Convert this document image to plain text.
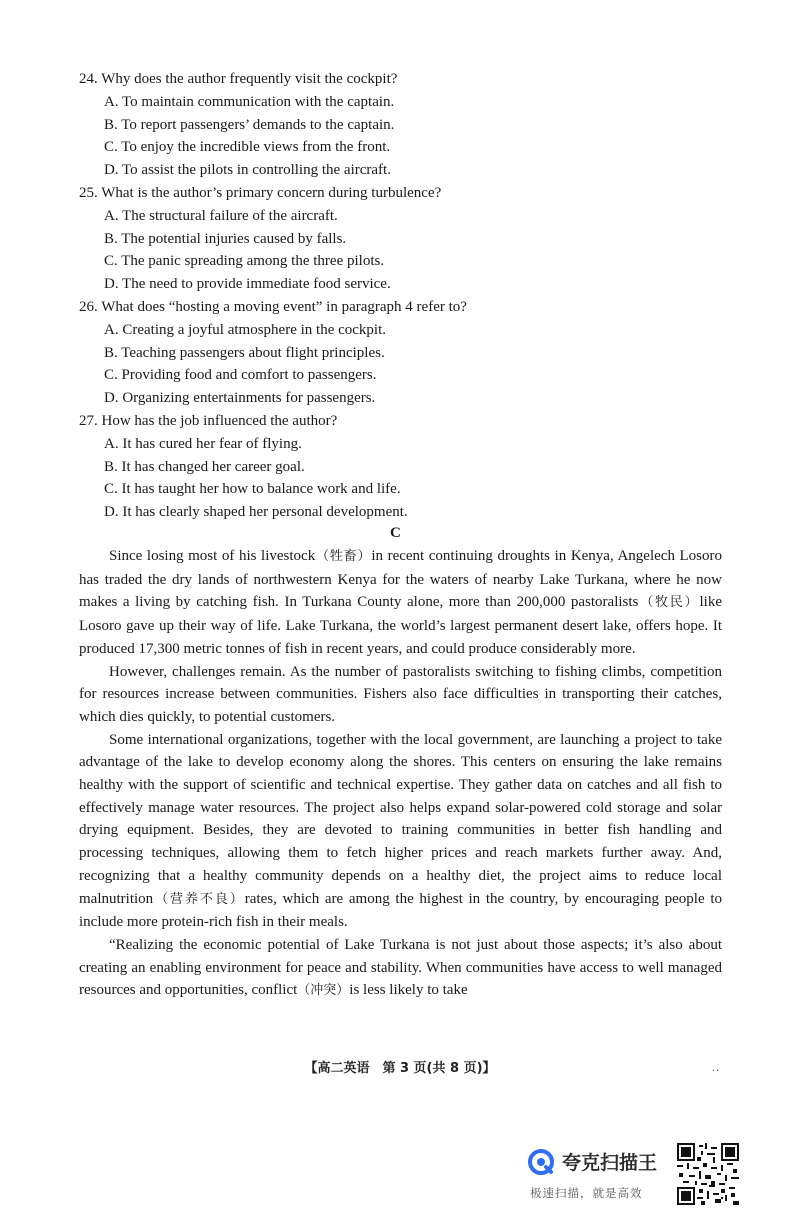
24. Why does the author frequently visit the cockpit?

A. To maintain communication with the captain.

B. To report passengers’ demands to the captain.

C. To enjoy the incredible views from the front.

D. To assist the pilots in controlling the aircraft.

25. What is the author’s primary concern during turbulence?

A. The structural failure of the aircraft.

B. The potential injuries caused by falls.

C. The panic spreading among the three pilots.

D. The need to provide immediate food service.

26. What does “hosting a moving event” in paragraph 4 refer to?

A. Creating a joyful atmosphere in the cockpit.

B. Teaching passengers about flight principles.

C. Providing food and comfort to passengers.

D. Organizing entertainments for passengers.

27. How has the job influenced the author?

A. It has cured her fear of flying.

B. It has changed her career goal.

C. It has taught her how to balance work and life.

D. It has clearly shaped her personal development.

C

Since losing most of his livestock（牲畜）in recent continuing droughts in Kenya, Angelech Losoro has traded the dry lands of northwestern Kenya for the waters of nearby Lake Turkana, where he now makes a living by catching fish. In Turkana County alone, more than 200,000 pastoralists（牧民）like Losoro gave up their way of life. Lake Turkana, the world’s largest permanent desert lake, offers hope. It produced 17,300 metric tonnes of fish in recent years, and could produce considerably more.

However, challenges remain. As the number of pastoralists switching to fishing climbs, competition for resources increase between communities. Fishers also face difficulties in transporting their catches, which dies quickly, to potential customers.

Some international organizations, together with the local government, are launching a project to take advantage of the lake to develop economy along the shores. This centers on ensuring the lake remains healthy with the support of scientific and technical expertise. They gather data on catches and all fish to effectively manage water resources. The project also helps expand solar-powered cold storage and solar drying equipment. Besides, they are devoted to training communities in better fish handling and processing techniques, allowing them to fetch higher prices and reach markets further away. And, recognizing that a healthy community depends on a healthy diet, the project aims to reduce local malnutrition（营养不良）rates, which are among the highest in the country, by encouraging people to include more protein-rich fish in their meals.

“Realizing the economic potential of Lake Turkana is not just about those aspects; it’s also about creating an enabling environment for peace and stability. When communities have access to well managed resources and opportunities, conflict（冲突）is less likely to take

【高二英语　第 3 页(共 8 页)】	..
夸克扫描王
极速扫描，就是高效
